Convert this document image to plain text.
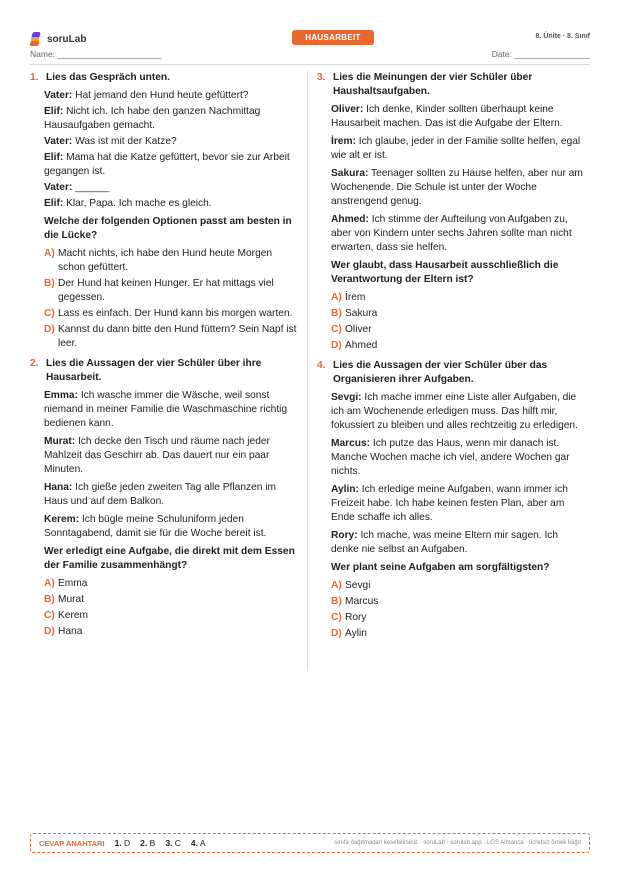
soruLab
Name: ______________________
HAUSARBEIT	8. Ünite · 8. Sınıf
Date: ________________
1. Lies das Gespräch unten.
Vater: Hat jemand den Hund heute gefüttert?
Elif: Nicht ich. Ich habe den ganzen Nachmittag Hausaufgaben gemacht.
Vater: Was ist mit der Katze?
Elif: Mama hat die Katze gefüttert, bevor sie zur Arbeit gegangen ist.
Vater: ______
Elif: Klar, Papa. Ich mache es gleich.
Welche der folgenden Optionen passt am besten in die Lücke?
A) Macht nichts, ich habe den Hund heute Morgen schon gefüttert.
B) Der Hund hat keinen Hunger. Er hat mittags viel gegessen.
C) Lass es einfach. Der Hund kann bis morgen warten.
D) Kannst du dann bitte den Hund füttern? Sein Napf ist leer.
2. Lies die Aussagen der vier Schüler über ihre Hausarbeit.
Emma: Ich wasche immer die Wäsche, weil sonst niemand in meiner Familie die Waschmaschine richtig bedienen kann.
Murat: Ich decke den Tisch und räume nach jeder Mahlzeit das Geschirr ab. Das dauert nur ein paar Minuten.
Hana: Ich gieße jeden zweiten Tag alle Pflanzen im Haus und auf dem Balkon.
Kerem: Ich bügle meine Schuluniform jeden Sonntagabend, damit sie für die Woche bereit ist.
Wer erledigt eine Aufgabe, die direkt mit dem Essen der Familie zusammenhängt?
A) Emma
B) Murat
C) Kerem
D) Hana
3. Lies die Meinungen der vier Schüler über Haushaltsaufgaben.
Oliver: Ich denke, Kinder sollten überhaupt keine Hausarbeit machen. Das ist die Aufgabe der Eltern.
İrem: Ich glaube, jeder in der Familie sollte helfen, egal wie alt er ist.
Sakura: Teenager sollten zu Hause helfen, aber nur am Wochenende. Die Schule ist unter der Woche anstrengend genug.
Ahmed: Ich stimme der Aufteilung von Aufgaben zu, aber von Kindern unter sechs Jahren sollte man nicht erwarten, dass sie helfen.
Wer glaubt, dass Hausarbeit ausschließlich die Verantwortung der Eltern ist?
A) İrem
B) Sakura
C) Oliver
D) Ahmed
4. Lies die Aussagen der vier Schüler über das Organisieren ihrer Aufgaben.
Sevgi: Ich mache immer eine Liste aller Aufgaben, die ich am Wochenende erledigen muss. Das hilft mir, fokussiert zu bleiben und alles rechtzeitig zu erledigen.
Marcus: Ich putze das Haus, wenn mir danach ist. Manche Wochen mache ich viel, andere Wochen gar nichts.
Aylin: Ich erledige meine Aufgaben, wann immer ich Freizeit habe. Ich habe keinen festen Plan, aber am Ende schaffe ich alles.
Rory: Ich mache, was meine Eltern mir sagen. Ich denke nie selbst an Aufgaben.
Wer plant seine Aufgaben am sorgfältigsten?
A) Sevgi
B) Marcus
C) Rory
D) Aylin
CEVAP ANAHTARI 1. D 2. B 3. C 4. A	sınıfa dağıtmadan kesebilirsiniz · soruLab · sorulab.app · LGS Almanca · ücretsiz örnek kâğıt
